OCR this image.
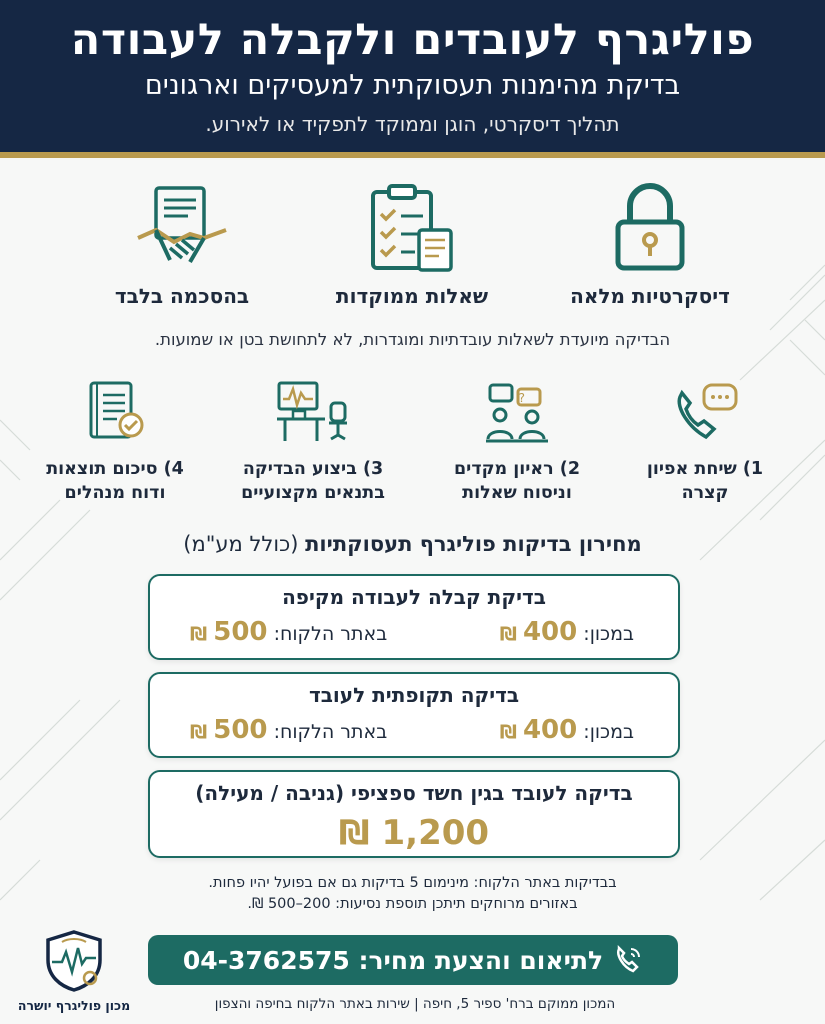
פוליגרף לעובדים ולקבלה לעבודה
בדיקת מהימנות תעסוקתית למעסיקים וארגונים
תהליך דיסקרטי, הוגן וממוקד לתפקיד או לאירוע.
דיסקרטיות מלאה
שאלות ממוקדות
בהסכמה בלבד
הבדיקה מיועדת לשאלות עובדתיות ומוגדרות, לא לתחושת בטן או שמועות.
1) שיחת אפיון
קצרה
?
2) ראיון מקדים
וניסוח שאלות
3) ביצוע הבדיקה
בתנאים מקצועיים
4) סיכום תוצאות
ודוח מנהלים
מחירון בדיקות פוליגרף תעסוקתיות (כולל מע"מ)
בדיקת קבלה לעבודה מקיפה
במכון: 400 ₪
באתר הלקוח: 500 ₪
בדיקה תקופתית לעובד
במכון: 400 ₪
באתר הלקוח: 500 ₪
בדיקה לעובד בגין חשד ספציפי (גניבה / מעילה)
1,200 ₪
בבדיקות באתר הלקוח: מינימום 5 בדיקות גם אם בפועל יהיו פחות.
באזורים מרוחקים תיתכן תוספת נסיעות: 200–500 ₪.
לתיאום והצעת מחיר:

04-3762575
המכון ממוקם ברח' ספיר 5, חיפה | שירות באתר הלקוח בחיפה והצפון
מכון פוליגרף יושרה
